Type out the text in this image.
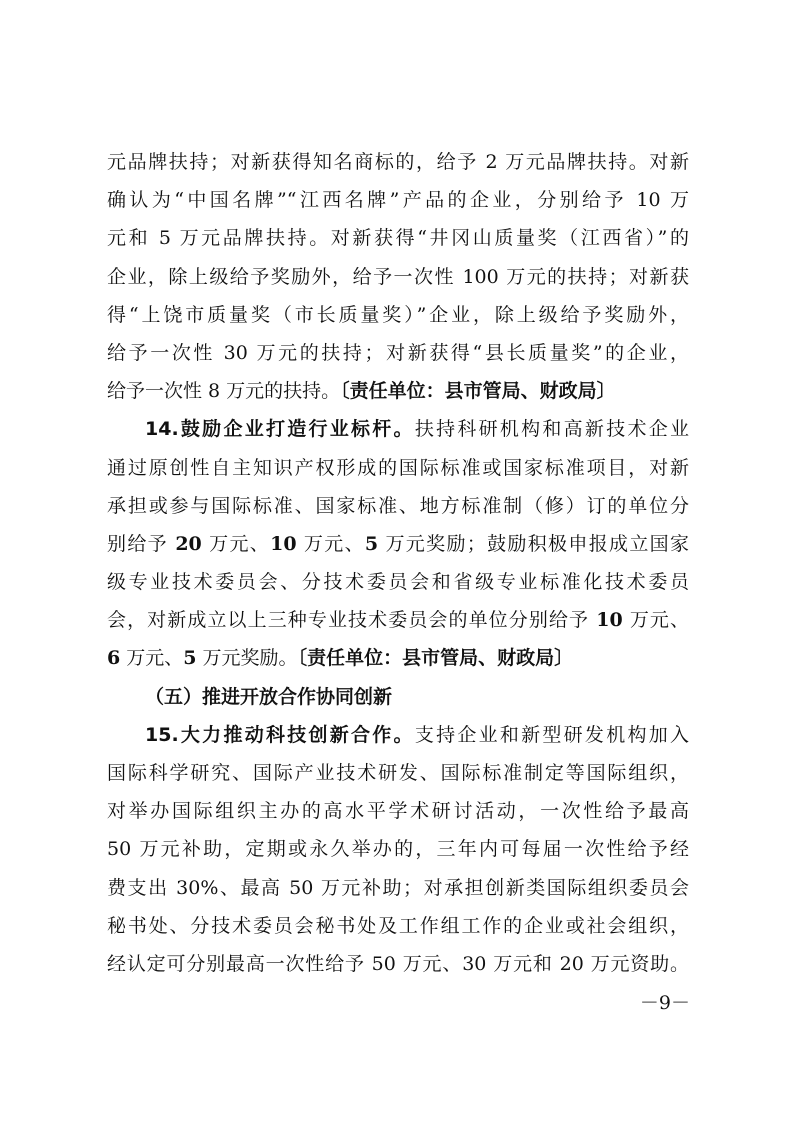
元品牌扶持；对新获得知名商标的，给予 2 万元品牌扶持。对新
确认为“中国名牌”“江西名牌”产品的企业，分别给予 10 万
元和 5 万元品牌扶持。对新获得“井冈山质量奖（江西省）”的
企业，除上级给予奖励外，给予一次性 100 万元的扶持；对新获
得“上饶市质量奖（市长质量奖）”企业，除上级给予奖励外，
给予一次性 30 万元的扶持；对新获得“县长质量奖”的企业，
给予一次性 8 万元的扶持。〔责任单位：县市管局、财政局〕
14.鼓励企业打造行业标杆。扶持科研机构和高新技术企业
通过原创性自主知识产权形成的国际标准或国家标准项目，对新
承担或参与国际标准、国家标准、地方标准制（修）订的单位分
别给予 20 万元、10 万元、5 万元奖励；鼓励积极申报成立国家
级专业技术委员会、分技术委员会和省级专业标准化技术委员
会，对新成立以上三种专业技术委员会的单位分别给予 10 万元、
6 万元、5 万元奖励。〔责任单位：县市管局、财政局〕
（五）推进开放合作协同创新
15.大力推动科技创新合作。支持企业和新型研发机构加入
国际科学研究、国际产业技术研发、国际标准制定等国际组织，
对举办国际组织主办的高水平学术研讨活动，一次性给予最高
50 万元补助，定期或永久举办的，三年内可每届一次性给予经
费支出 30%、最高 50 万元补助；对承担创新类国际组织委员会
秘书处、分技术委员会秘书处及工作组工作的企业或社会组织，
经认定可分别最高一次性给予 50 万元、30 万元和 20 万元资助。
－9－
